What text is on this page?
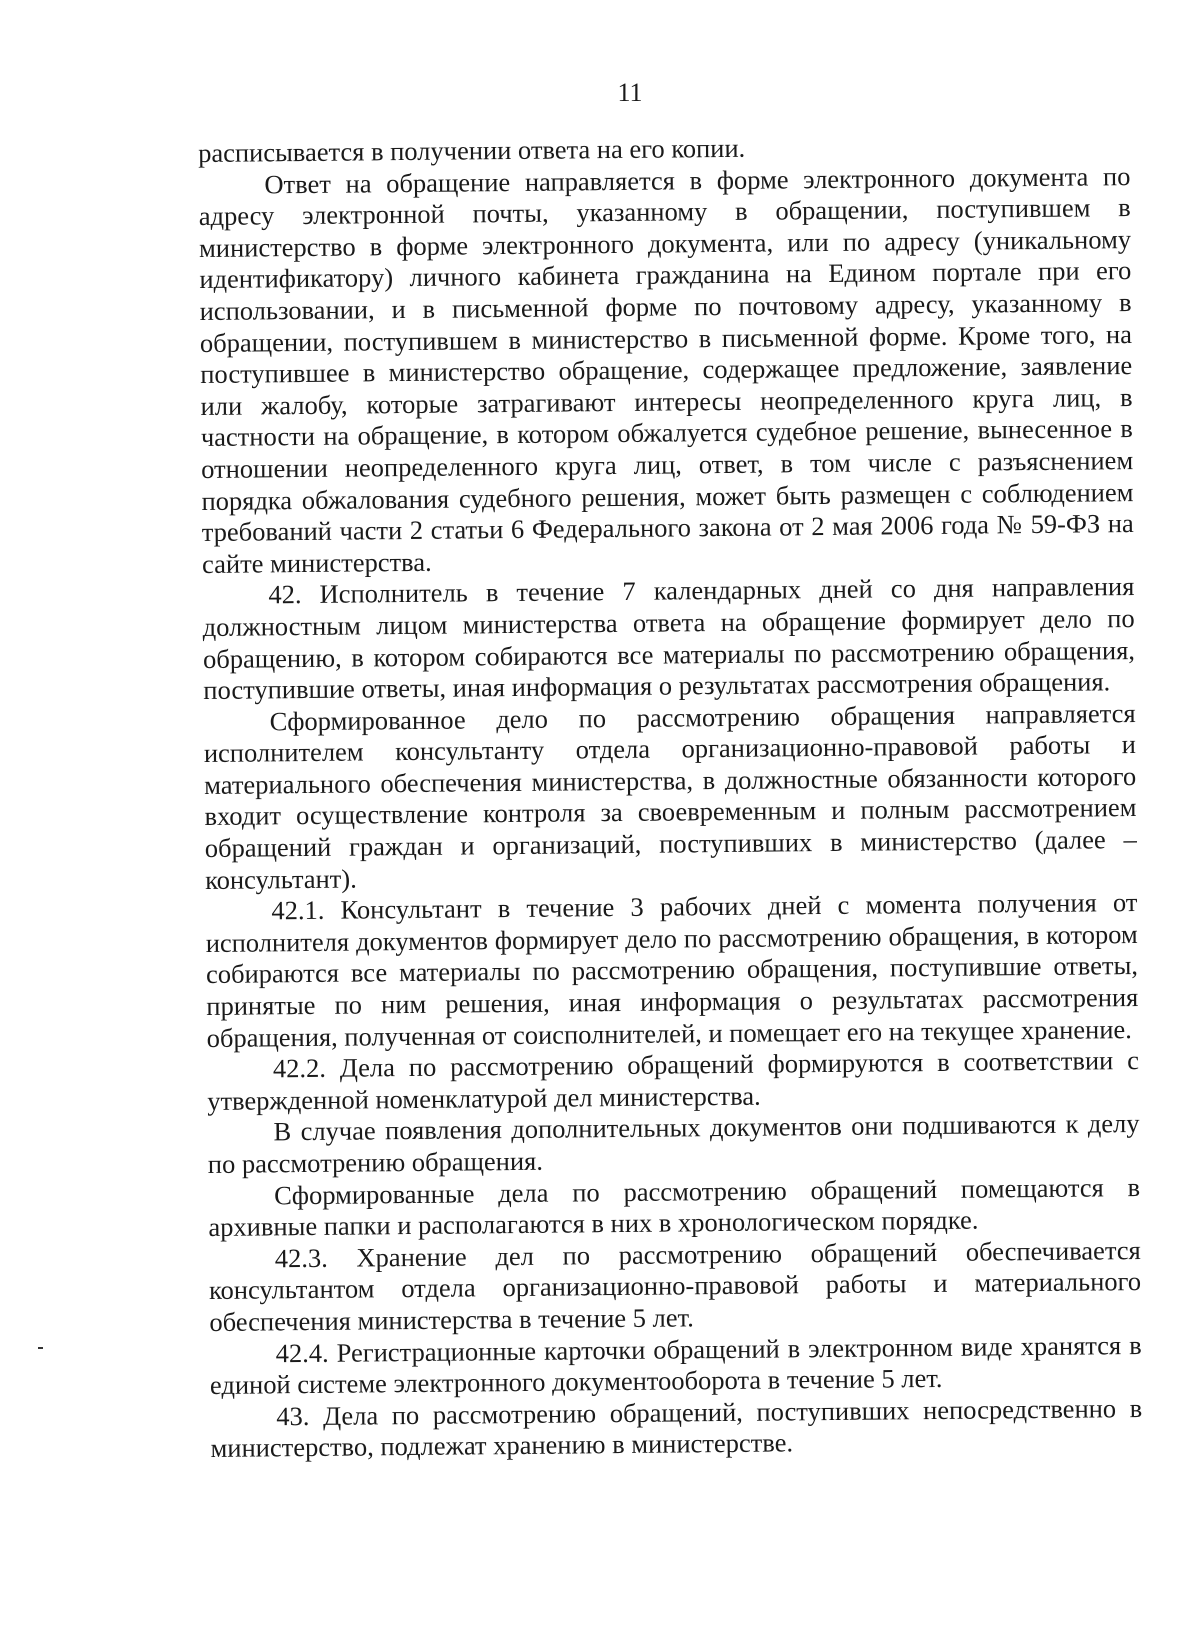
11

расписывается в получении ответа на его копии.

Ответ на обращение направляется в форме электронного документа по адресу электронной почты, указанному в обращении, поступившем в министерство в форме электронного документа, или по адресу (уникальному идентификатору) личного кабинета гражданина на Едином портале при его использовании, и в письменной форме по почтовому адресу, указанному в обращении, поступившем в министерство в письменной форме. Кроме того, на поступившее в министерство обращение, содержащее предложение, заявление или жалобу, которые затрагивают интересы неопределенного круга лиц, в частности на обращение, в котором обжалуется судебное решение, вынесенное в отношении неопределенного круга лиц, ответ, в том числе с разъяснением порядка обжалования судебного решения, может быть размещен с соблюдением требований части 2 статьи 6 Федерального закона от 2 мая 2006 года № 59-ФЗ на сайте министерства.

42. Исполнитель в течение 7 календарных дней со дня направления должностным лицом министерства ответа на обращение формирует дело по обращению, в котором собираются все материалы по рассмотрению обращения, поступившие ответы, иная информация о результатах рассмотрения обращения.

Сформированное дело по рассмотрению обращения направляется исполнителем консультанту отдела организационно-правовой работы и материального обеспечения министерства, в должностные обязанности которого входит осуществление контроля за своевременным и полным рассмотрением обращений граждан и организаций, поступивших в министерство (далее – консультант).

42.1. Консультант в течение 3 рабочих дней с момента получения от исполнителя документов формирует дело по рассмотрению обращения, в котором собираются все материалы по рассмотрению обращения, поступившие ответы, принятые по ним решения, иная информация о результатах рассмотрения обращения, полученная от соисполнителей, и помещает его на текущее хранение.

42.2. Дела по рассмотрению обращений формируются в соответствии с утвержденной номенклатурой дел министерства.

В случае появления дополнительных документов они подшиваются к делу по рассмотрению обращения.

Сформированные дела по рассмотрению обращений помещаются в архивные папки и располагаются в них в хронологическом порядке.

42.3. Хранение дел по рассмотрению обращений обеспечивается консультантом отдела организационно-правовой работы и материального обеспечения министерства в течение 5 лет.

42.4. Регистрационные карточки обращений в электронном виде хранятся в единой системе электронного документооборота в течение 5 лет.

43. Дела по рассмотрению обращений, поступивших непосредственно в министерство, подлежат хранению в министерстве.
